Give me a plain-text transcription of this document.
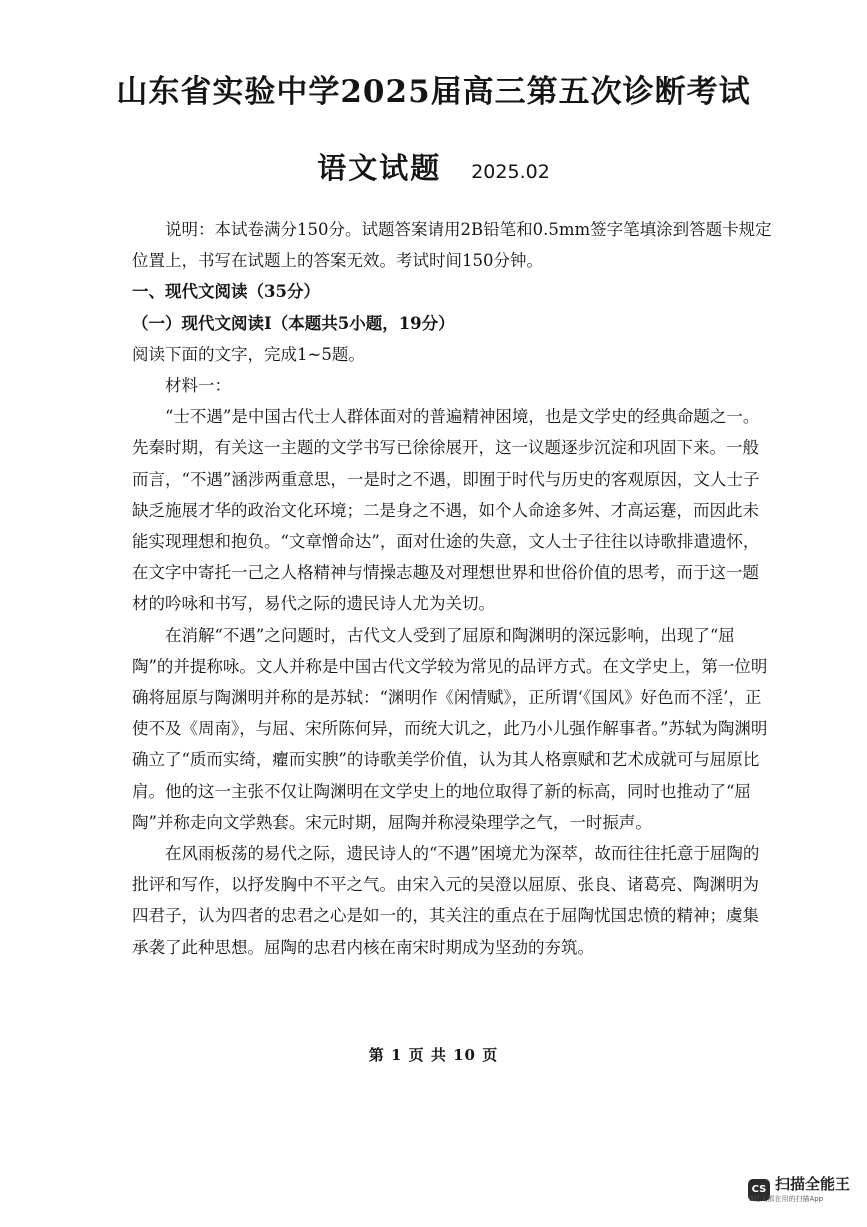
山东省实验中学2025届高三第五次诊断考试
语文试题 2025.02

说明：本试卷满分150分。试题答案请用2B铅笔和0.5mm签字笔填涂到答题卡规定位置上，书写在试题上的答案无效。考试时间150分钟。

一、现代文阅读（35分）

（一）现代文阅读Ⅰ（本题共5小题，19分）

阅读下面的文字，完成1~5题。

材料一：

“士不遇”是中国古代士人群体面对的普遍精神困境，也是文学史的经典命题之一。先秦时期，有关这一主题的文学书写已徐徐展开，这一议题逐步沉淀和巩固下来。一般而言，“不遇”涵涉两重意思，一是时之不遇，即囿于时代与历史的客观原因，文人士子缺乏施展才华的政治文化环境；二是身之不遇，如个人命途多舛、才高运蹇，而因此未能实现理想和抱负。“文章憎命达”，面对仕途的失意，文人士子往往以诗歌排遣遗怀，在文字中寄托一己之人格精神与情操志趣及对理想世界和世俗价值的思考，而于这一题材的吟咏和书写，易代之际的遗民诗人尤为关切。

在消解“不遇”之问题时，古代文人受到了屈原和陶渊明的深远影响，出现了“屈陶”的并提称咏。文人并称是中国古代文学较为常见的品评方式。在文学史上，第一位明确将屈原与陶渊明并称的是苏轼：“渊明作《闲情赋》，正所谓‘《国风》好色而不淫’，正使不及《周南》，与屈、宋所陈何异，而统大讥之，此乃小儿强作解事者。”苏轼为陶渊明确立了“质而实绮，癯而实腴”的诗歌美学价值，认为其人格禀赋和艺术成就可与屈原比肩。他的这一主张不仅让陶渊明在文学史上的地位取得了新的标高，同时也推动了“屈陶”并称走向文学熟套。宋元时期，屈陶并称浸染理学之气，一时振声。

在风雨板荡的易代之际，遗民诗人的“不遇”困境尤为深萃，故而往往托意于屈陶的批评和写作，以抒发胸中不平之气。由宋入元的吴澄以屈原、张良、诸葛亮、陶渊明为四君子，认为四者的忠君之心是如一的，其关注的重点在于屈陶忧国忠愤的精神；虞集承袭了此种思想。屈陶的忠君内核在南宋时期成为坚劲的夯筑。

第 1 页 共 10 页
CS 扫描全能王
3亿人都在用的扫描App
